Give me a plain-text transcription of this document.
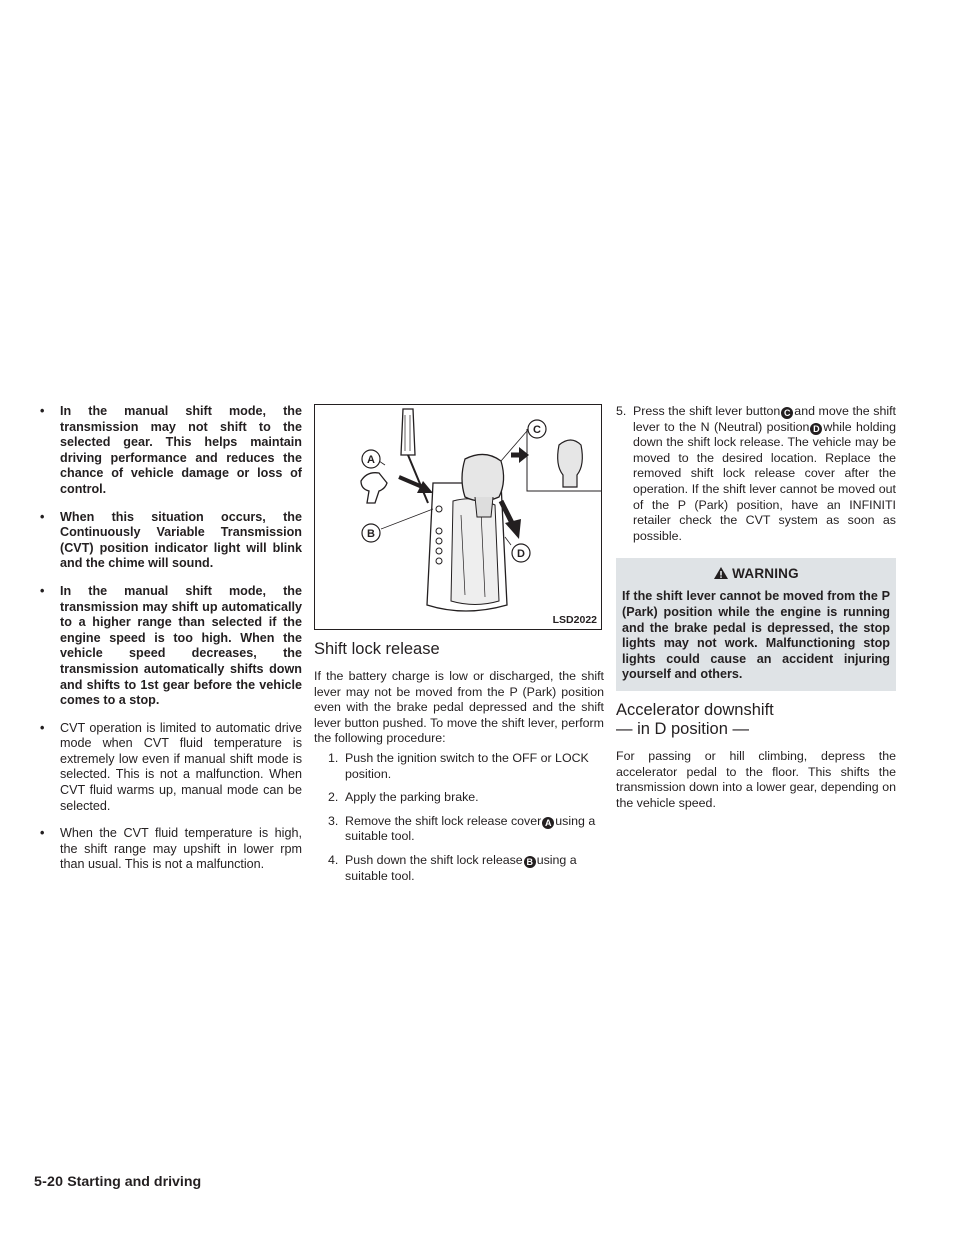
• In the manual shift mode, the transmission may not shift to the selected gear. This helps maintain driving performance and reduces the chance of vehicle damage or loss of control.
• When this situation occurs, the Continuously Variable Transmission (CVT) position indicator light will blink and the chime will sound.
• In the manual shift mode, the transmission may shift up automatically to a higher range than selected if the engine speed is too high. When the vehicle speed decreases, the transmission automatically shifts down and shifts to 1st gear before the vehicle comes to a stop.
• CVT operation is limited to automatic drive mode when CVT fluid temperature is extremely low even if manual shift mode is selected. This is not a malfunction. When CVT fluid warms up, manual mode can be selected.
• When the CVT fluid temperature is high, the shift range may upshift in lower rpm than usual. This is not a malfunction.
A
B
C
D
LSD2022
Shift lock release

If the battery charge is low or discharged, the shift lever may not be moved from the P (Park) position even with the brake pedal depressed and the shift lever button pushed. To move the shift lever, perform the following procedure:

1. Push the ignition switch to the OFF or LOCK position.
2. Apply the parking brake.
3. Remove the shift lock release cover A using a suitable tool.
4. Push down the shift lock release B using a suitable tool.
5. Press the shift lever button C and move the shift lever to the N (Neutral) position D while holding down the shift lock release. The vehicle may be moved to the desired location. Replace the removed shift lock release cover after the operation. If the shift lever cannot be moved out of the P (Park) position, have an INFINITI retailer check the CVT system as soon as possible.
WARNING
If the shift lever cannot be moved from the P (Park) position while the engine is running and the brake pedal is depressed, the stop lights may not work. Malfunctioning stop lights could cause an accident injuring yourself and others.
Accelerator downshift
— in D position —

For passing or hill climbing, depress the accelerator pedal to the floor. This shifts the transmission down into a lower gear, depending on the vehicle speed.

5-20 Starting and driving
